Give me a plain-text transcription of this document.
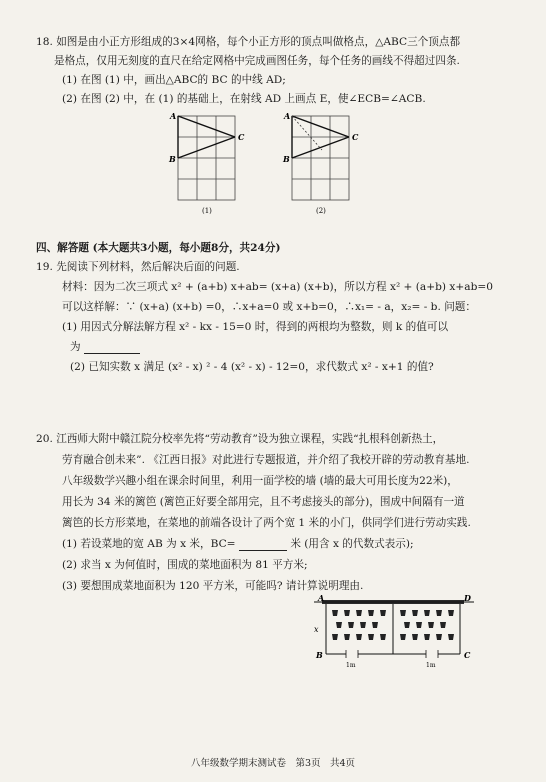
18. 如图是由小正方形组成的3×4网格，每个小正方形的顶点叫做格点，△ABC三个顶点都
是格点，仅用无刻度的直尺在给定网格中完成画图任务，每个任务的画线不得超过四条.
(1) 在图 (1) 中，画出△ABC的 BC 的中线 AD;
(2) 在图 (2) 中，在 (1) 的基础上，在射线 AD 上画点 E，使∠ECB=∠ACB.
A
B
C
(1)
A
B
C
(2)
四、解答题 (本大题共3小题，每小题8分，共24分)
19. 先阅读下列材料，然后解决后面的问题.
材料：因为二次三项式 x² + (a+b) x+ab= (x+a) (x+b)，所以方程 x² + (a+b) x+ab=0
可以这样解：∵ (x+a) (x+b) =0，∴x+a=0 或 x+b=0，∴x₁= - a，x₂= - b. 问题：
(1) 用因式分解法解方程 x² - kx - 15=0 时，得到的两根均为整数，则 k 的值可以
为
(2) 已知实数 x 满足 (x² - x) ² - 4 (x² - x) - 12=0，求代数式 x² - x+1 的值?
20. 江西师大附中赣江院分校率先将“劳动教育”设为独立课程，实践“扎根科创新热土，
劳育融合创未来”. 《江西日报》对此进行专题报道，并介绍了我校开辟的劳动教育基地.
八年级数学兴趣小组在课余时间里，利用一面学校的墙 (墙的最大可用长度为22米)，
用长为 34 米的篱笆 (篱笆正好要全部用完，且不考虑接头的部分)，围成中间隔有一道
篱笆的长方形菜地，在菜地的前端各设计了两个宽 1 米的小门，供同学们进行劳动实践.
(1) 若设菜地的宽 AB 为 x 米，BC=	米 (用含 x 的代数式表示);
(2) 求当 x 为何值时，围成的菜地面积为 81 平方米;
(3) 要想围成菜地面积为 120 平方米，可能吗? 请计算说明理由.
A	D
B	C
x
1m	1m
八年级数学期末测试卷　第3页　共4页
